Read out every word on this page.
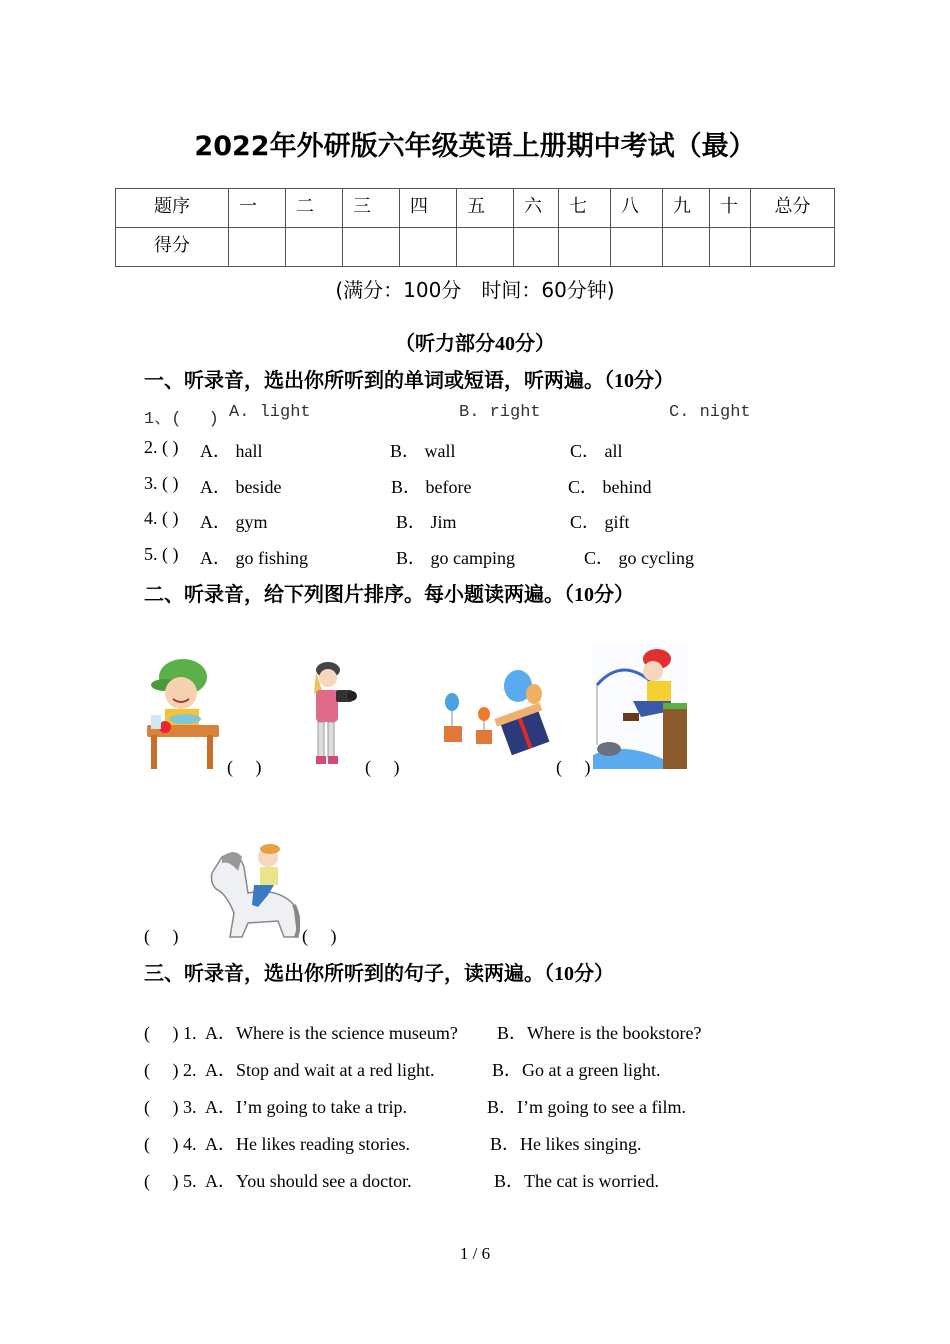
2022年外研版六年级英语上册期中考试（最）
题序	一	二	三	四	五	六	七	八	九	十	总分
得分											
(满分：100分　时间：60分钟)
（听力部分40分）
一、听录音，选出你所听到的单词或短语，听两遍。（10分）
1、(　 ) A. light	B. right	C. night
2. ( ) A． hall	B． wall	C． all
3. ( ) A． beside	B． before	C． behind
4. ( ) A． gym	B． Jim	C． gift
5. ( ) A． go fishing	B． go camping	C． go cycling
二、听录音，给下列图片排序。每小题读两遍。（10分）
(　 )	(　 )	(　 )
(　 )	(　 )
三、听录音，选出你所听到的句子，读两遍。（10分）
(　 ) 1. A．Where is the science museum? B．Where is the bookstore?
(　 ) 2. A．Stop and wait at a red light.	B．Go at a green light.
(　 ) 3. A．I’m going to take a trip.	B．I’m going to see a film.
(　 ) 4. A．He likes reading stories.	B．He likes singing.
(　 ) 5. A．You should see a doctor.	B．The cat is worried.
1 / 6
